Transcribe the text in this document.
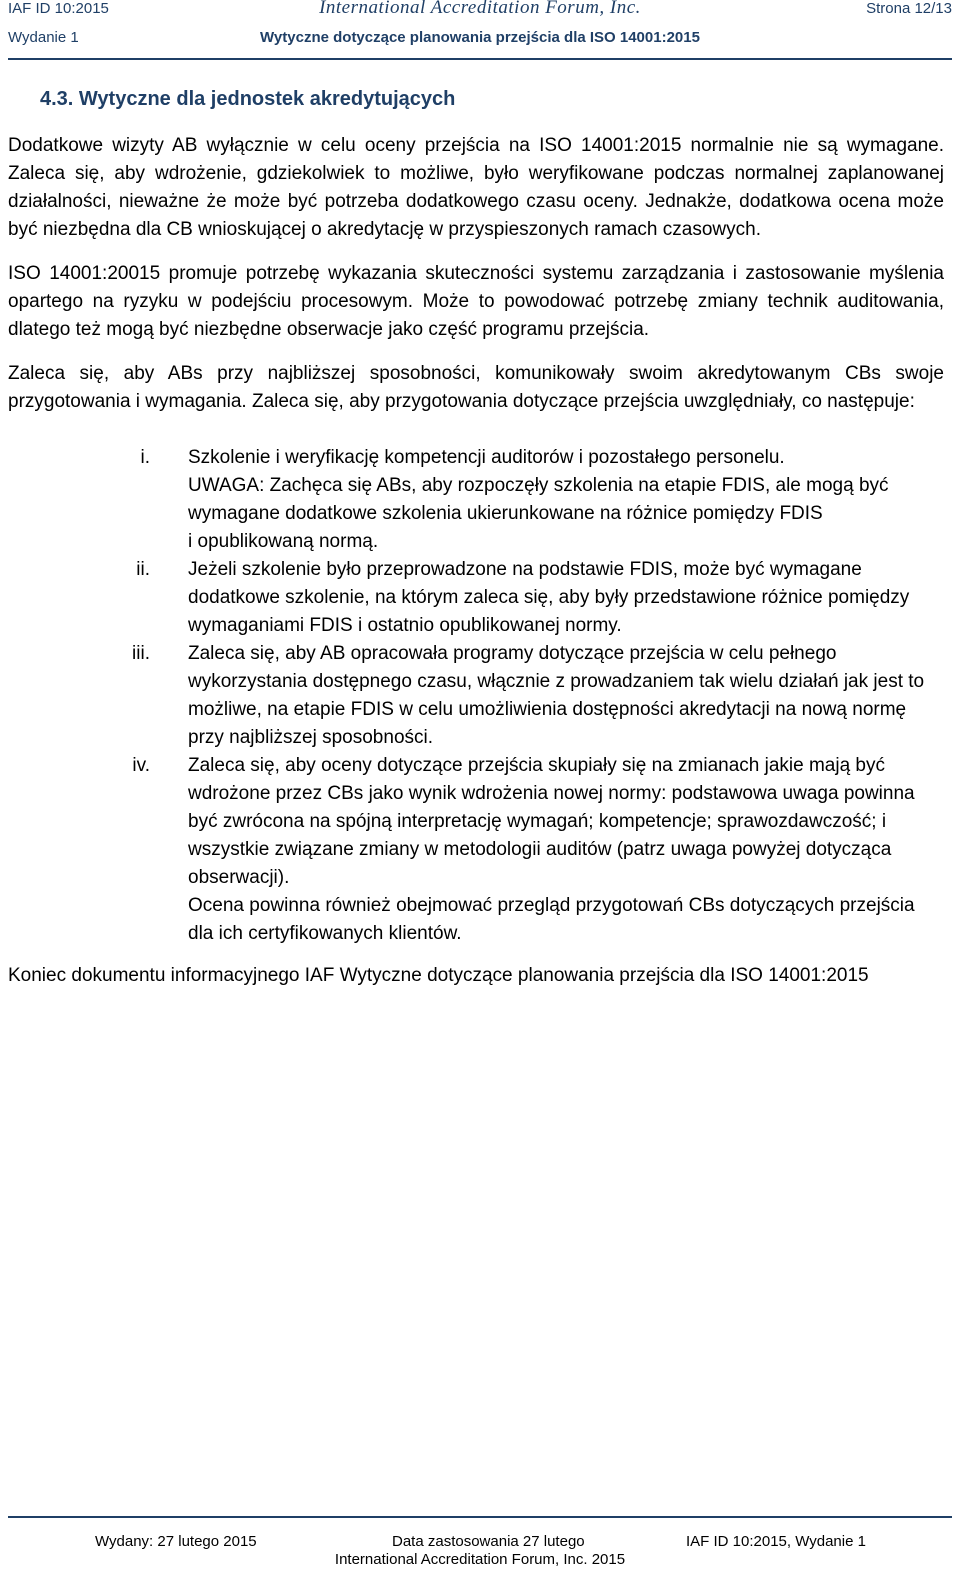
IAF ID 10:2015	International Accreditation Forum, Inc.	Strona 12/13
Wydanie 1	Wytyczne dotyczące planowania przejścia dla ISO 14001:2015
4.3. Wytyczne dla jednostek akredytujących

Dodatkowe wizyty AB wyłącznie w celu oceny przejścia na ISO 14001:2015 normalnie nie są wymagane. Zaleca się, aby wdrożenie, gdziekolwiek to możliwe, było weryfikowane podczas normalnej zaplanowanej działalności, nieważne że może być potrzeba dodatkowego czasu oceny. Jednakże, dodatkowa ocena może być niezbędna dla CB wnioskującej o akredytację w przyspieszonych ramach czasowych.

ISO 14001:20015 promuje potrzebę wykazania skuteczności systemu zarządzania i zastosowanie myślenia opartego na ryzyku w podejściu procesowym. Może to powodować potrzebę zmiany technik auditowania, dlatego też mogą być niezbędne obserwacje jako część programu przejścia.

Zaleca się, aby ABs przy najbliższej sposobności, komunikowały swoim akredytowanym CBs swoje przygotowania i wymagania. Zaleca się, aby przygotowania dotyczące przejścia uwzględniały, co następuje:

i. Szkolenie i weryfikację kompetencji auditorów i pozostałego personelu.
UWAGA: Zachęca się ABs, aby rozpoczęły szkolenia na etapie FDIS, ale mogą być wymagane dodatkowe szkolenia ukierunkowane na różnice pomiędzy FDIS
i opublikowaną normą.
ii. Jeżeli szkolenie było przeprowadzone na podstawie FDIS, może być wymagane dodatkowe szkolenie, na którym zaleca się, aby były przedstawione różnice pomiędzy wymaganiami FDIS i ostatnio opublikowanej normy.
iii. Zaleca się, aby AB opracowała programy dotyczące przejścia w celu pełnego wykorzystania dostępnego czasu, włącznie z prowadzaniem tak wielu działań jak jest to możliwe, na etapie FDIS w celu umożliwienia dostępności akredytacji na nową normę przy najbliższej sposobności.
iv. Zaleca się, aby oceny dotyczące przejścia skupiały się na zmianach jakie mają być wdrożone przez CBs jako wynik wdrożenia nowej normy: podstawowa uwaga powinna być zwrócona na spójną interpretację wymagań; kompetencje; sprawozdawczość; i wszystkie związane zmiany w metodologii auditów (patrz uwaga powyżej dotycząca obserwacji).
Ocena powinna również obejmować przegląd przygotowań CBs dotyczących przejścia dla ich certyfikowanych klientów.

Koniec dokumentu informacyjnego IAF Wytyczne dotyczące planowania przejścia dla ISO 14001:2015

Wydany: 27 lutego 2015	Data zastosowania 27 lutego	IAF ID 10:2015, Wydanie 1
International Accreditation Forum, Inc. 2015
